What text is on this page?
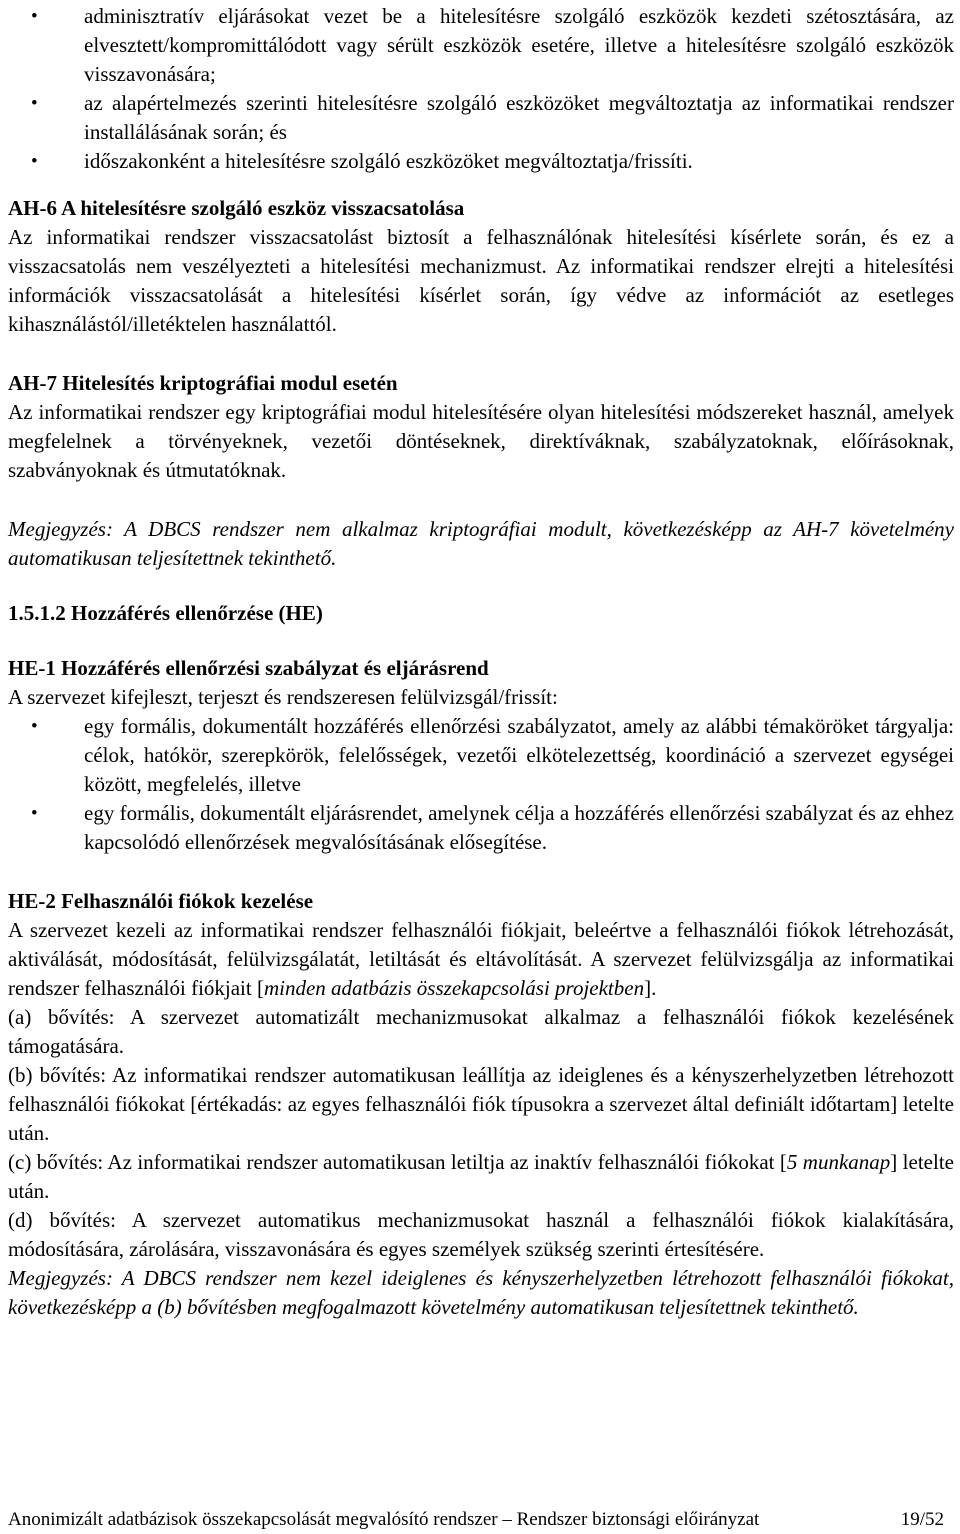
• adminisztratív eljárásokat vezet be a hitelesítésre szolgáló eszközök kezdeti szétosztására, az elvesztett/kompromittálódott vagy sérült eszközök esetére, illetve a hitelesítésre szolgáló eszközök visszavonására;
• az alapértelmezés szerinti hitelesítésre szolgáló eszközöket megváltoztatja az informatikai rendszer installálásának során; és
• időszakonként a hitelesítésre szolgáló eszközöket megváltoztatja/frissíti.

AH-6 A hitelesítésre szolgáló eszköz visszacsatolása

Az informatikai rendszer visszacsatolást biztosít a felhasználónak hitelesítési kísérlete során, és ez a visszacsatolás nem veszélyezteti a hitelesítési mechanizmust. Az informatikai rendszer elrejti a hitelesítési információk visszacsatolását a hitelesítési kísérlet során, így védve az információt az esetleges kihasználástól/illetéktelen használattól.

AH-7 Hitelesítés kriptográfiai modul esetén

Az informatikai rendszer egy kriptográfiai modul hitelesítésére olyan hitelesítési módszereket használ, amelyek megfelelnek a törvényeknek, vezetői döntéseknek, direktíváknak, szabályzatoknak, előírásoknak, szabványoknak és útmutatóknak.

Megjegyzés: A DBCS rendszer nem alkalmaz kriptográfiai modult, következésképp az AH-7 követelmény automatikusan teljesítettnek tekinthető.

1.5.1.2 Hozzáférés ellenőrzése (HE)

HE-1 Hozzáférés ellenőrzési szabályzat és eljárásrend

A szervezet kifejleszt, terjeszt és rendszeresen felülvizsgál/frissít:

• egy formális, dokumentált hozzáférés ellenőrzési szabályzatot, amely az alábbi témaköröket tárgyalja: célok, hatókör, szerepkörök, felelősségek, vezetői elkötelezettség, koordináció a szervezet egységei között, megfelelés, illetve
• egy formális, dokumentált eljárásrendet, amelynek célja a hozzáférés ellenőrzési szabályzat és az ehhez kapcsolódó ellenőrzések megvalósításának elősegítése.

HE-2 Felhasználói fiókok kezelése

A szervezet kezeli az informatikai rendszer felhasználói fiókjait, beleértve a felhasználói fiókok létrehozását, aktiválását, módosítását, felülvizsgálatát, letiltását és eltávolítását. A szervezet felülvizsgálja az informatikai rendszer felhasználói fiókjait [minden adatbázis összekapcsolási projektben].

(a) bővítés: A szervezet automatizált mechanizmusokat alkalmaz a felhasználói fiókok kezelésének támogatására.

(b) bővítés: Az informatikai rendszer automatikusan leállítja az ideiglenes és a kényszerhelyzetben létrehozott felhasználói fiókokat [értékadás: az egyes felhasználói fiók típusokra a szervezet által definiált időtartam] letelte után.

(c) bővítés: Az informatikai rendszer automatikusan letiltja az inaktív felhasználói fiókokat [5 munkanap] letelte után.

(d) bővítés: A szervezet automatikus mechanizmusokat használ a felhasználói fiókok kialakítására, módosítására, zárolására, visszavonására és egyes személyek szükség szerinti értesítésére.

Megjegyzés: A DBCS rendszer nem kezel ideiglenes és kényszerhelyzetben létrehozott felhasználói fiókokat, következésképp a (b) bővítésben megfogalmazott követelmény automatikusan teljesítettnek tekinthető.

Anonimizált adatbázisok összekapcsolását megvalósító rendszer – Rendszer biztonsági előirányzat	19/52
